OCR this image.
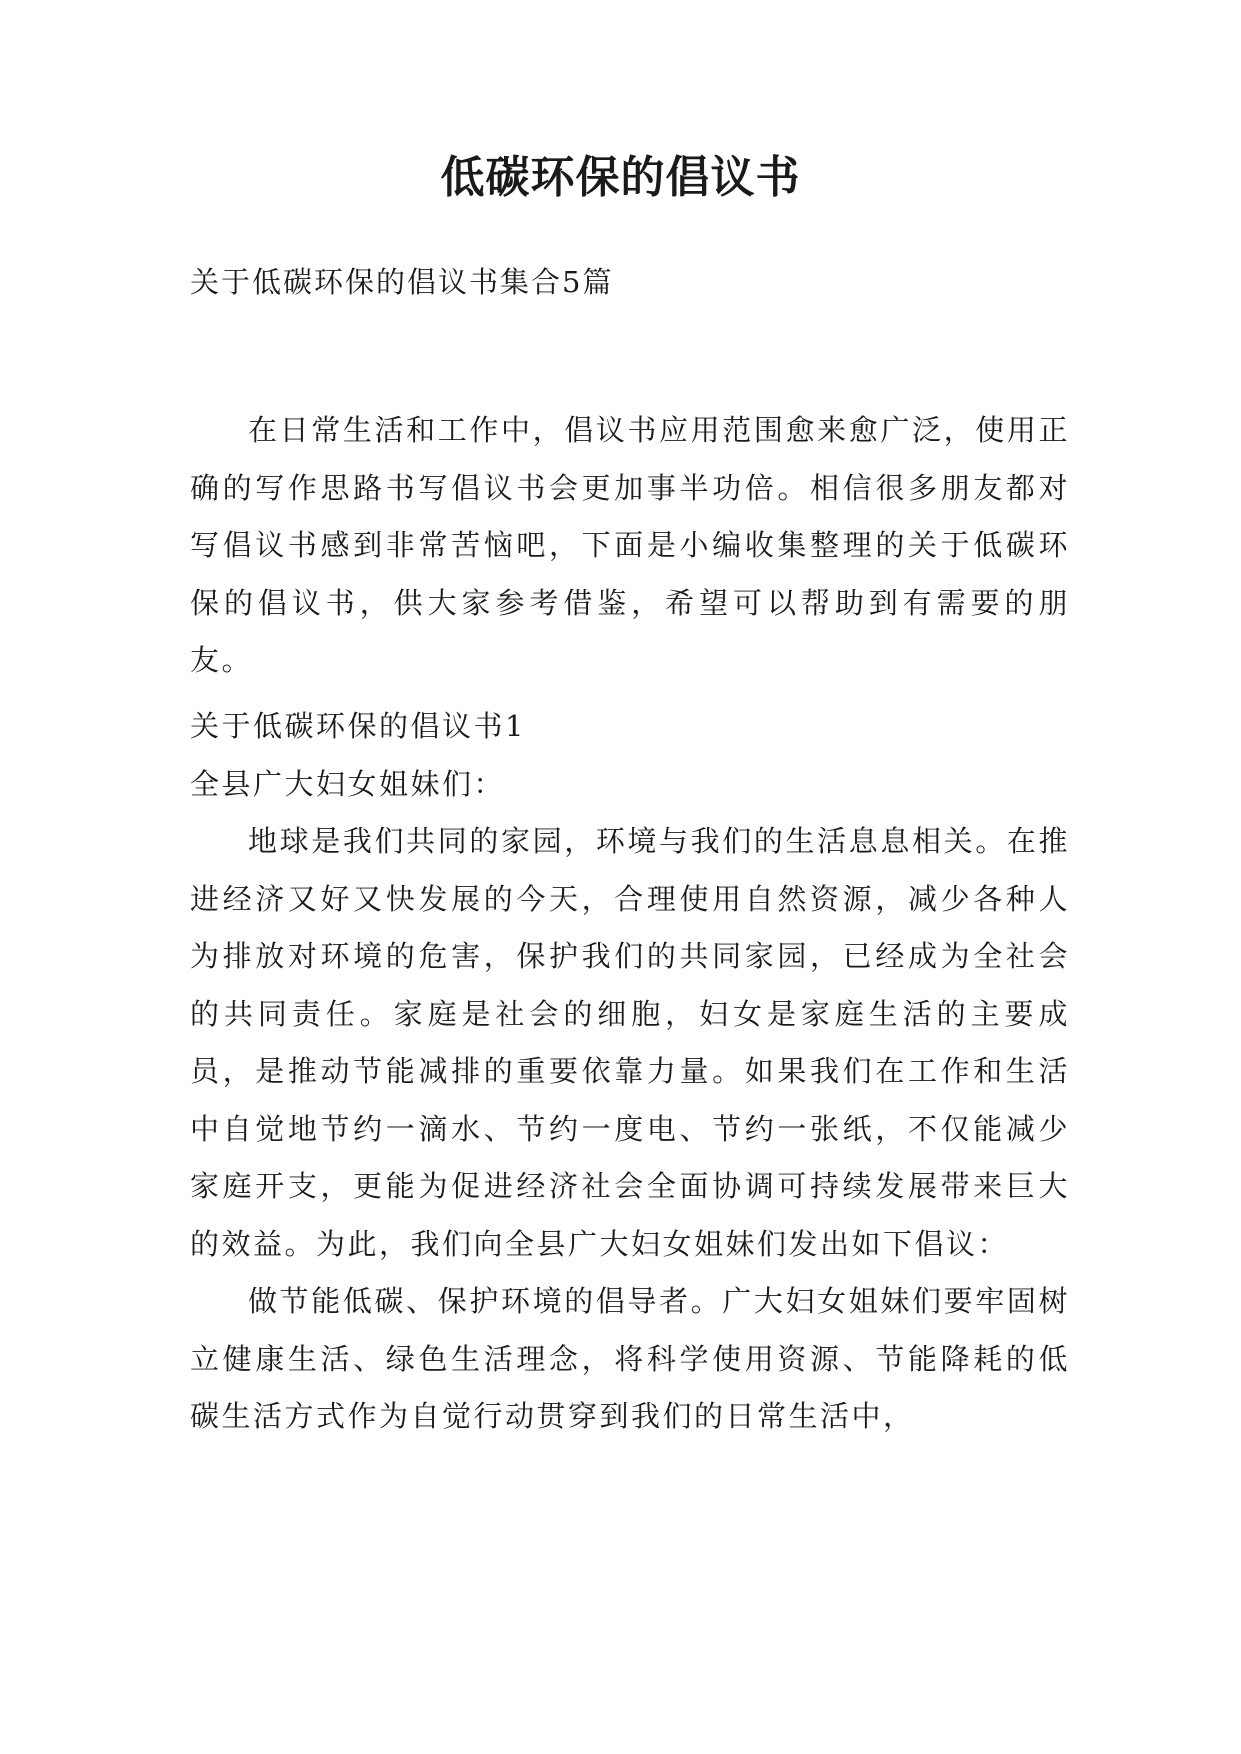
低碳环保的倡议书
关于低碳环保的倡议书集合5篇

在日常生活和工作中，倡议书应用范围愈来愈广泛，使用正确的写作思路书写倡议书会更加事半功倍。相信很多朋友都对写倡议书感到非常苦恼吧，下面是小编收集整理的关于低碳环保的倡议书，供大家参考借鉴，希望可以帮助到有需要的朋友。

关于低碳环保的倡议书1

全县广大妇女姐妹们：

地球是我们共同的家园，环境与我们的生活息息相关。在推进经济又好又快发展的今天，合理使用自然资源，减少各种人为排放对环境的危害，保护我们的共同家园，已经成为全社会的共同责任。家庭是社会的细胞，妇女是家庭生活的主要成员，是推动节能减排的重要依靠力量。如果我们在工作和生活中自觉地节约一滴水、节约一度电、节约一张纸，不仅能减少家庭开支，更能为促进经济社会全面协调可持续发展带来巨大的效益。为此，我们向全县广大妇女姐妹们发出如下倡议：

做节能低碳、保护环境的倡导者。广大妇女姐妹们要牢固树立健康生活、绿色生活理念，将科学使用资源、节能降耗的低碳生活方式作为自觉行动贯穿到我们的日常生活中，
